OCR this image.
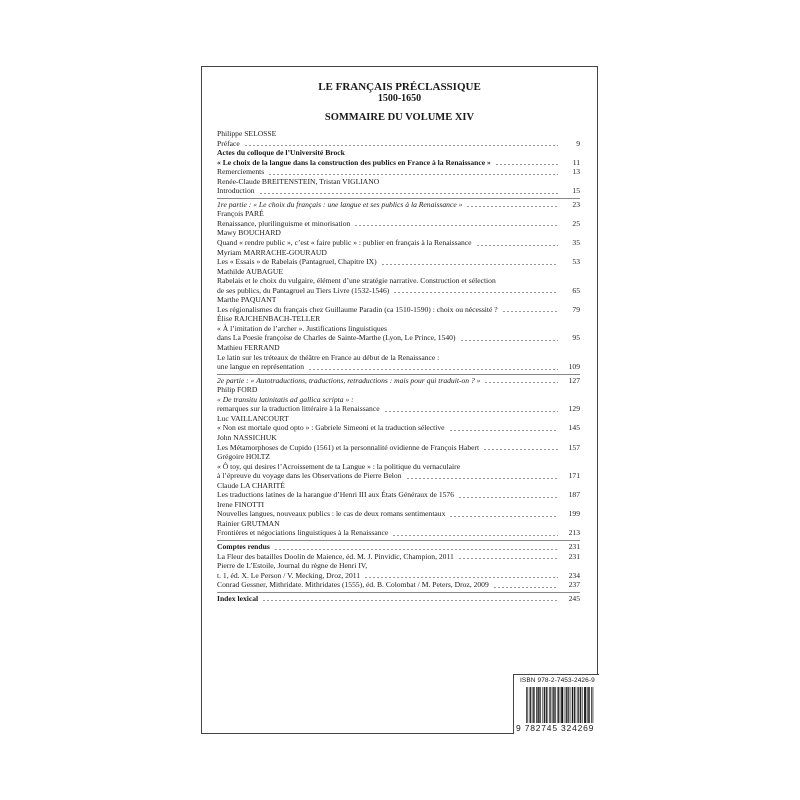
LE FRANÇAIS PRÉCLASSIQUE
1500-1650
SOMMAIRE DU VOLUME XIV
Philippe SELOSSE
Préface	9
Actes du colloque de l’Université Brock
« Le choix de la langue dans la construction des publics en France à la Renaissance »	11
Remerciements	13
Renée-Claude BREITENSTEIN, Tristan VIGLIANO
Introduction	15
1re partie : « Le choix du français : une langue et ses publics à la Renaissance »	23
François PARÉ
Renaissance, plurilinguisme et minorisation	25
Mawy BOUCHARD
Quand « rendre public », c’est « faire public » : publier en français à la Renaissance	35
Myriam MARRACHE-GOURAUD
Les « Essais » de Rabelais (Pantagruel, Chapitre IX)	53
Mathilde AUBAGUE
Rabelais et le choix du vulgaire, élément d’une stratégie narrative. Construction et sélection
de ses publics, du Pantagruel au Tiers Livre (1532-1546)	65
Marthe PAQUANT
Les régionalismes du français chez Guillaume Paradin (ca 1510-1590) : choix ou nécessité ?	79
Élise RAJCHENBACH-TELLER
« À l’imitation de l’archer ». Justifications linguistiques
dans La Poesie françoise de Charles de Sainte-Marthe (Lyon, Le Prince, 1540)	95
Mathieu FERRAND
Le latin sur les tréteaux de théâtre en France au début de la Renaissance :
une langue en représentation	109
2e partie : « Autotraductions, traductions, retraductions : mais pour qui traduit-on ? »	127
Philip FORD
« De transitu latinitatis ad gallica scripta » :
remarques sur la traduction littéraire à la Renaissance	129
Luc VAILLANCOURT
« Non est mortale quod opto » : Gabriele Simeoni et la traduction sélective	145
John NASSICHUK
Les Métamorphoses de Cupido (1561) et la personnalité ovidienne de François Habert	157
Grégoire HOLTZ
« Ô toy, qui desires l’Acroissement de ta Langue » : la politique du vernaculaire
à l’épreuve du voyage dans les Observations de Pierre Belon	171
Claude LA CHARITÉ
Les traductions latines de la harangue d’Henri III aux États Généraux de 1576	187
Irene FINOTTI
Nouvelles langues, nouveaux publics : le cas de deux romans sentimentaux	199
Rainier GRUTMAN
Frontières et négociations linguistiques à la Renaissance	213
Comptes rendus	231
La Fleur des batailles Doolin de Maience, éd. M. J. Pinvidic, Champion, 2011	231
Pierre de L’Estoile, Journal du règne de Henri IV,
t. 1, éd. X. Le Person / V. Mecking, Droz, 2011	234
Conrad Gessner, Mithridate. Mithridates (1555), éd. B. Colombat / M. Peters, Droz, 2009	237
Index lexical	245
ISBN 978-2-7453-2426-9
9 782745 324269
